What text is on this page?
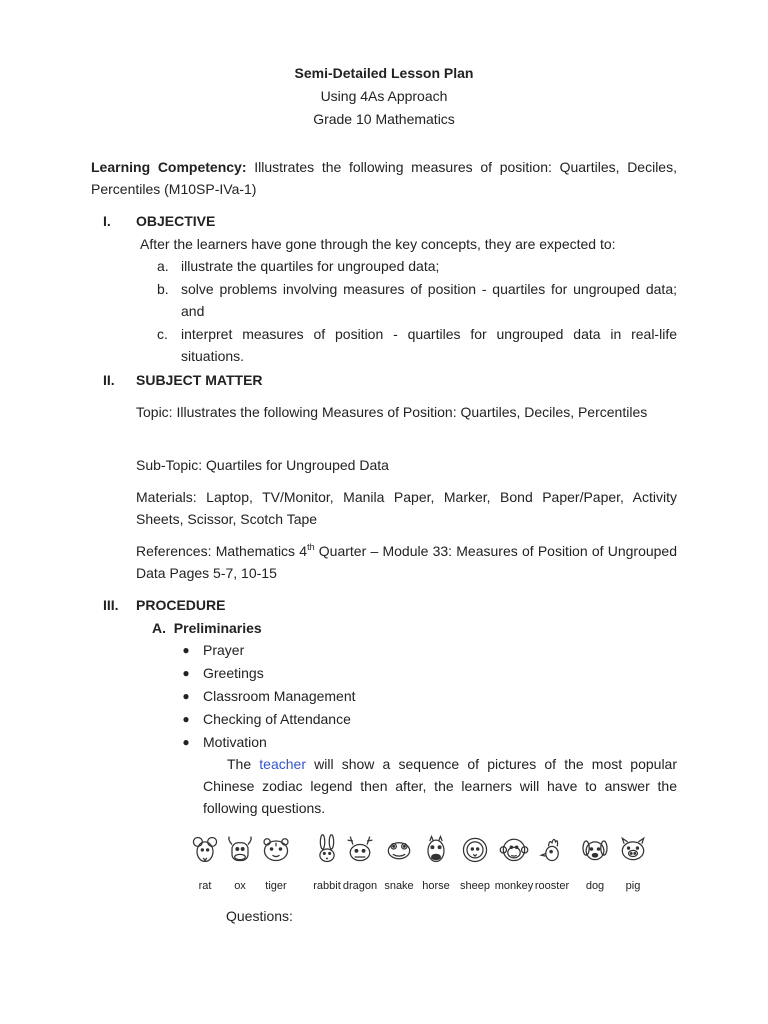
Semi-Detailed Lesson Plan
Using 4As Approach
Grade 10 Mathematics
Learning Competency: Illustrates the following measures of position: Quartiles, Deciles, Percentiles (M10SP-IVa-1)
I. OBJECTIVE
After the learners have gone through the key concepts, they are expected to:
a. illustrate the quartiles for ungrouped data;
b. solve problems involving measures of position - quartiles for ungrouped data; and
c. interpret measures of position - quartiles for ungrouped data in real-life situations.
II. SUBJECT MATTER
Topic: Illustrates the following Measures of Position: Quartiles, Deciles, Percentiles
Sub-Topic: Quartiles for Ungrouped Data
Materials: Laptop, TV/Monitor, Manila Paper, Marker, Bond Paper/Paper, Activity Sheets, Scissor, Scotch Tape
References: Mathematics 4th Quarter – Module 33: Measures of Position of Ungrouped Data Pages 5-7, 10-15
III. PROCEDURE
A.  Preliminaries
● Prayer
● Greetings
● Classroom Management
● Checking of Attendance
● Motivation
The teacher will show a sequence of pictures of the most popular Chinese zodiac legend then after, the learners will have to answer the following questions.
rat ox tiger rabbit dragon snake horse sheep monkey rooster dog pig
Questions:
